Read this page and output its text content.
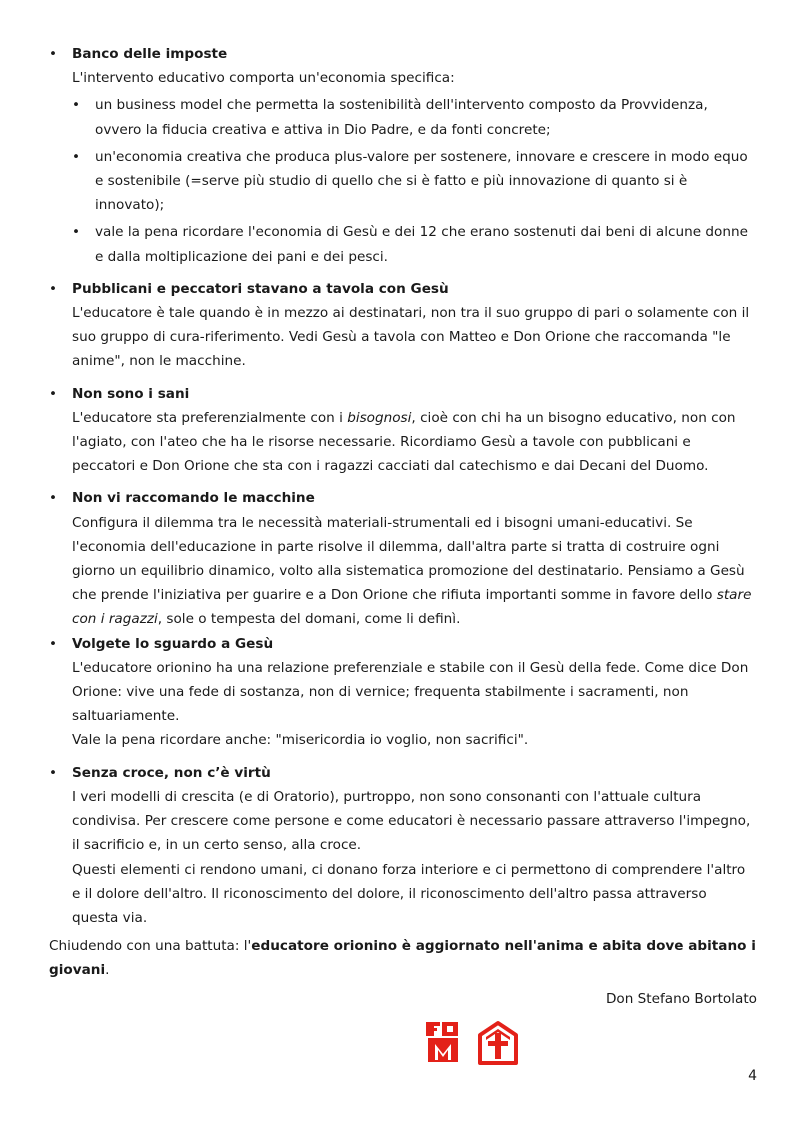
• Banco delle imposte
L'intervento educativo comporta un'economia specifica:
• un business model che permetta la sostenibilità dell'intervento composto da Provvidenza, ovvero la fiducia creativa e attiva in Dio Padre, e da fonti concrete;
• un'economia creativa che produca plus-valore per sostenere, innovare e crescere in modo equo e sostenibile (=serve più studio di quello che si è fatto e più innovazione di quanto si è innovato);
• vale la pena ricordare l'economia di Gesù e dei 12 che erano sostenuti dai beni di alcune donne e dalla moltiplicazione dei pani e dei pesci.
• Pubblicani e peccatori stavano a tavola con Gesù
L'educatore è tale quando è in mezzo ai destinatari, non tra il suo gruppo di pari o solamente con il suo gruppo di cura-riferimento. Vedi Gesù a tavola con Matteo e Don Orione che raccomanda "le anime", non le macchine.
• Non sono i sani
L'educatore sta preferenzialmente con i bisognosi, cioè con chi ha un bisogno educativo, non con l'agiato, con l'ateo che ha le risorse necessarie. Ricordiamo Gesù a tavole con pubblicani e peccatori e Don Orione che sta con i ragazzi cacciati dal catechismo e dai Decani del Duomo.
• Non vi raccomando le macchine
Configura il dilemma tra le necessità materiali-strumentali ed i bisogni umani-educativi. Se l'economia dell'educazione in parte risolve il dilemma, dall'altra parte si tratta di costruire ogni giorno un equilibrio dinamico, volto alla sistematica promozione del destinatario. Pensiamo a Gesù che prende l'iniziativa per guarire e a Don Orione che rifiuta importanti somme in favore dello stare con i ragazzi, sole o tempesta del domani, come li definì.
• Volgete lo sguardo a Gesù
L'educatore orionino ha una relazione preferenziale e stabile con il Gesù della fede. Come dice Don Orione: vive una fede di sostanza, non di vernice; frequenta stabilmente i sacramenti, non saltuariamente.
Vale la pena ricordare anche: "misericordia io voglio, non sacrifici".
• Senza croce, non c’è virtù
I veri modelli di crescita (e di Oratorio), purtroppo, non sono consonanti con l'attuale cultura condivisa. Per crescere come persone e come educatori è necessario passare attraverso l'impegno, il sacrificio e, in un certo senso, alla croce.
Questi elementi ci rendono umani, ci donano forza interiore e ci permettono di comprendere l'altro e il dolore dell'altro. Il riconoscimento del dolore, il riconoscimento dell'altro passa attraverso questa via.
Chiudendo con una battuta: l'educatore orionino è aggiornato nell'anima e abita dove abitano i giovani.
Don Stefano Bortolato
4
